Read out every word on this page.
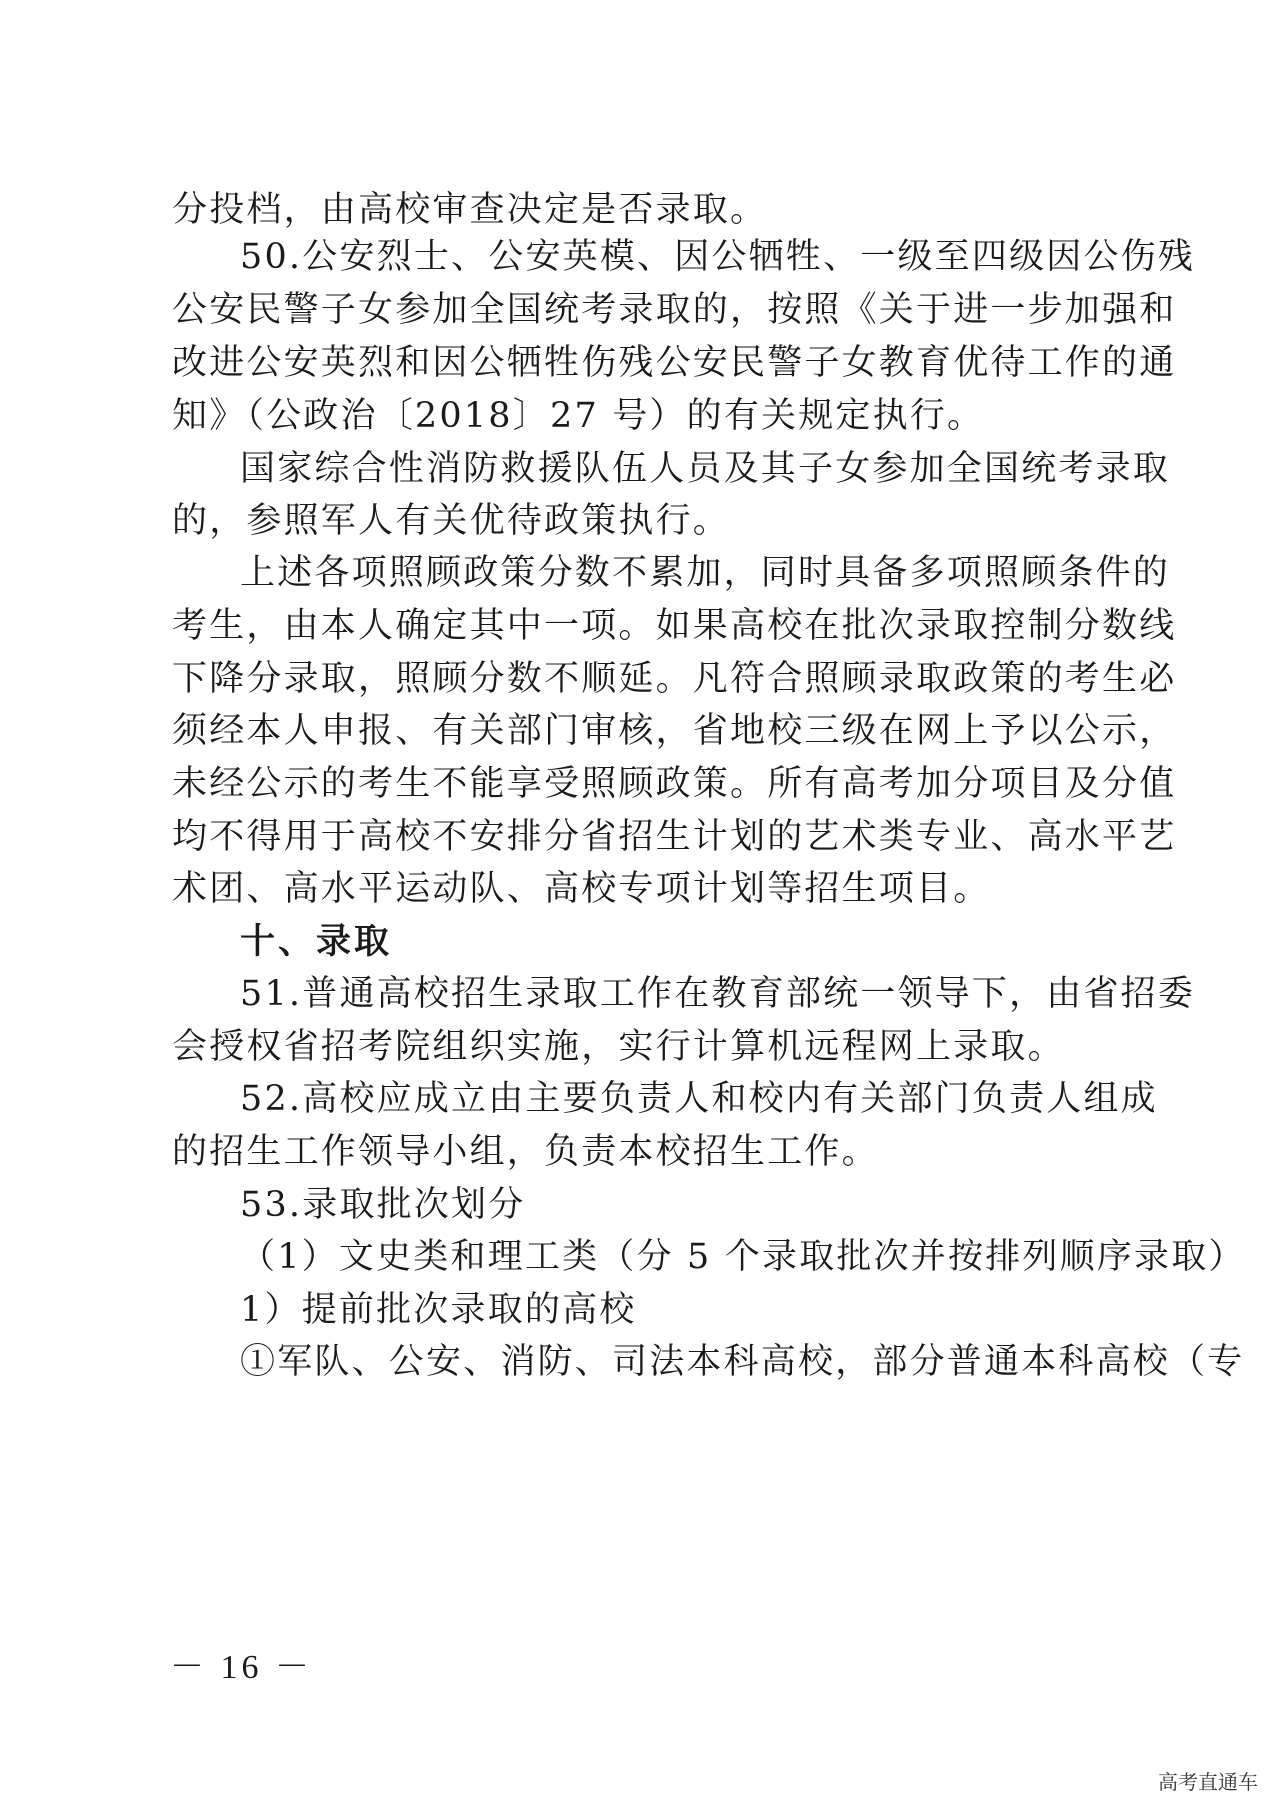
分投档，由高校审查决定是否录取。
50.公安烈士、公安英模、因公牺牲、一级至四级因公伤残
公安民警子女参加全国统考录取的，按照《关于进一步加强和
改进公安英烈和因公牺牲伤残公安民警子女教育优待工作的通
知》（公政治〔2018〕27 号）的有关规定执行。
国家综合性消防救援队伍人员及其子女参加全国统考录取
的，参照军人有关优待政策执行。
上述各项照顾政策分数不累加，同时具备多项照顾条件的
考生，由本人确定其中一项。如果高校在批次录取控制分数线
下降分录取，照顾分数不顺延。凡符合照顾录取政策的考生必
须经本人申报、有关部门审核，省地校三级在网上予以公示，
未经公示的考生不能享受照顾政策。所有高考加分项目及分值
均不得用于高校不安排分省招生计划的艺术类专业、高水平艺
术团、高水平运动队、高校专项计划等招生项目。
十、录取
51.普通高校招生录取工作在教育部统一领导下，由省招委
会授权省招考院组织实施，实行计算机远程网上录取。
52.高校应成立由主要负责人和校内有关部门负责人组成
的招生工作领导小组，负责本校招生工作。
53.录取批次划分
（1）文史类和理工类（分 5 个录取批次并按排列顺序录取）
1）提前批次录取的高校
①军队、公安、消防、司法本科高校，部分普通本科高校（专
－ 16 －
高考直通车
